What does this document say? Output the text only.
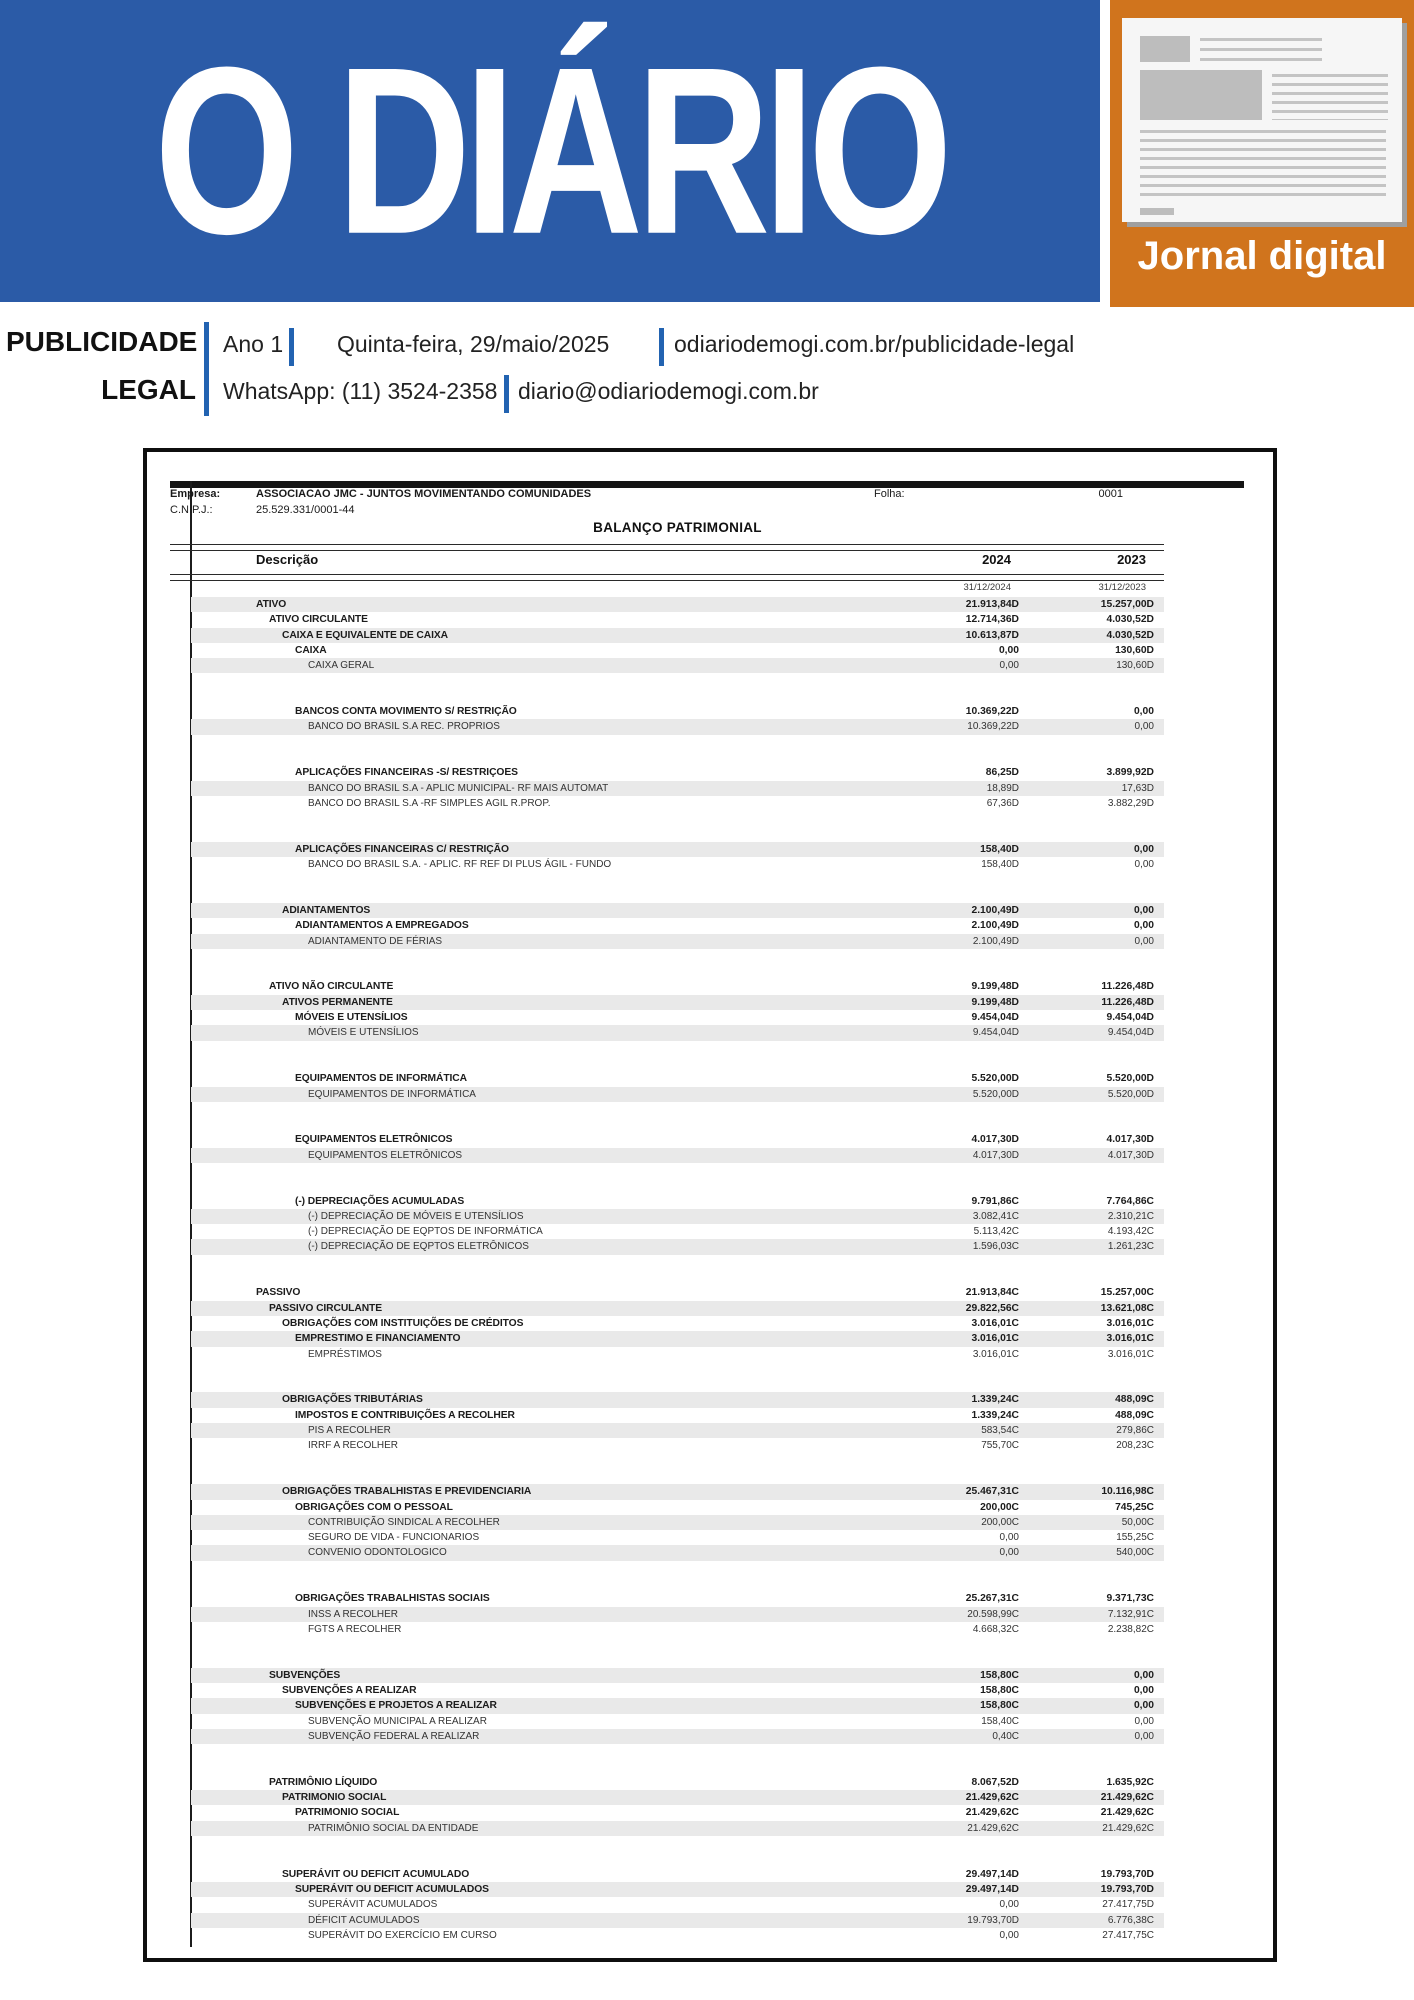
O DIÁRIO	Jornal digital
PUBLICIDADE
LEGAL
Ano 1 Quinta-feira, 29/maio/2025	odiariodemogi.com.br/publicidade-legal
WhatsApp: (11) 3524-2358 diario@odiariodemogi.com.br
Empresa:	ASSOCIACAO JMC - JUNTOS MOVIMENTANDO COMUNIDADES	Folha:	0001
C.N.P.J.:	25.529.331/0001-44
BALANÇO PATRIMONIAL
Descrição	2024	2023
31/12/2024	31/12/2023
ATIVO	21.913,84D	15.257,00D
ATIVO CIRCULANTE	12.714,36D	4.030,52D
CAIXA E EQUIVALENTE DE CAIXA	10.613,87D	4.030,52D
CAIXA	0,00	130,60D
CAIXA GERAL	0,00	130,60D
BANCOS CONTA MOVIMENTO S/ RESTRIÇÃO	10.369,22D	0,00
BANCO DO BRASIL S.A REC. PROPRIOS	10.369,22D	0,00
APLICAÇÕES FINANCEIRAS -S/ RESTRIÇOES	86,25D	3.899,92D
BANCO DO BRASIL S.A - APLIC MUNICIPAL- RF MAIS AUTOMAT	18,89D	17,63D
BANCO DO BRASIL S.A -RF SIMPLES AGIL R.PROP.	67,36D	3.882,29D
APLICAÇÕES FINANCEIRAS C/ RESTRIÇÃO	158,40D	0,00
BANCO DO BRASIL S.A. - APLIC. RF REF DI PLUS ÁGIL - FUNDO	158,40D	0,00
ADIANTAMENTOS	2.100,49D	0,00
ADIANTAMENTOS A EMPREGADOS	2.100,49D	0,00
ADIANTAMENTO DE FÉRIAS	2.100,49D	0,00
ATIVO NÃO CIRCULANTE	9.199,48D	11.226,48D
ATIVOS PERMANENTE	9.199,48D	11.226,48D
MÓVEIS E UTENSÍLIOS	9.454,04D	9.454,04D
MÓVEIS E UTENSÍLIOS	9.454,04D	9.454,04D
EQUIPAMENTOS DE INFORMÁTICA	5.520,00D	5.520,00D
EQUIPAMENTOS DE INFORMÁTICA	5.520,00D	5.520,00D
EQUIPAMENTOS ELETRÔNICOS	4.017,30D	4.017,30D
EQUIPAMENTOS ELETRÔNICOS	4.017,30D	4.017,30D
(-) DEPRECIAÇÕES ACUMULADAS	9.791,86C	7.764,86C
(-) DEPRECIAÇÃO DE MÓVEIS E UTENSÍLIOS	3.082,41C	2.310,21C
(-) DEPRECIAÇÃO DE EQPTOS DE INFORMÁTICA	5.113,42C	4.193,42C
(-) DEPRECIAÇÃO DE EQPTOS ELETRÔNICOS	1.596,03C	1.261,23C
PASSIVO	21.913,84C	15.257,00C
PASSIVO CIRCULANTE	29.822,56C	13.621,08C
OBRIGAÇÕES COM INSTITUIÇÕES DE CRÉDITOS	3.016,01C	3.016,01C
EMPRESTIMO E FINANCIAMENTO	3.016,01C	3.016,01C
EMPRÉSTIMOS	3.016,01C	3.016,01C
OBRIGAÇÕES TRIBUTÁRIAS	1.339,24C	488,09C
IMPOSTOS E CONTRIBUIÇÕES A RECOLHER	1.339,24C	488,09C
PIS A RECOLHER	583,54C	279,86C
IRRF A RECOLHER	755,70C	208,23C
OBRIGAÇÕES TRABALHISTAS E PREVIDENCIARIA	25.467,31C	10.116,98C
OBRIGAÇÕES COM O PESSOAL	200,00C	745,25C
CONTRIBUIÇÃO SINDICAL A RECOLHER	200,00C	50,00C
SEGURO DE VIDA - FUNCIONARIOS	0,00	155,25C
CONVENIO ODONTOLOGICO	0,00	540,00C
OBRIGAÇÕES TRABALHISTAS SOCIAIS	25.267,31C	9.371,73C
INSS A RECOLHER	20.598,99C	7.132,91C
FGTS A RECOLHER	4.668,32C	2.238,82C
SUBVENÇÕES	158,80C	0,00
SUBVENÇÕES A REALIZAR	158,80C	0,00
SUBVENÇÕES E PROJETOS A REALIZAR	158,80C	0,00
SUBVENÇÃO MUNICIPAL A REALIZAR	158,40C	0,00
SUBVENÇÃO FEDERAL A REALIZAR	0,40C	0,00
PATRIMÔNIO LÍQUIDO	8.067,52D	1.635,92C
PATRIMONIO SOCIAL	21.429,62C	21.429,62C
PATRIMONIO SOCIAL	21.429,62C	21.429,62C
PATRIMÔNIO SOCIAL DA ENTIDADE	21.429,62C	21.429,62C
SUPERÁVIT OU DEFICIT ACUMULADO	29.497,14D	19.793,70D
SUPERÁVIT OU DEFICIT ACUMULADOS	29.497,14D	19.793,70D
SUPERÁVIT ACUMULADOS	0,00	27.417,75D
DÉFICIT ACUMULADOS	19.793,70D	6.776,38C
SUPERÁVIT DO EXERCÍCIO EM CURSO	0,00	27.417,75C
